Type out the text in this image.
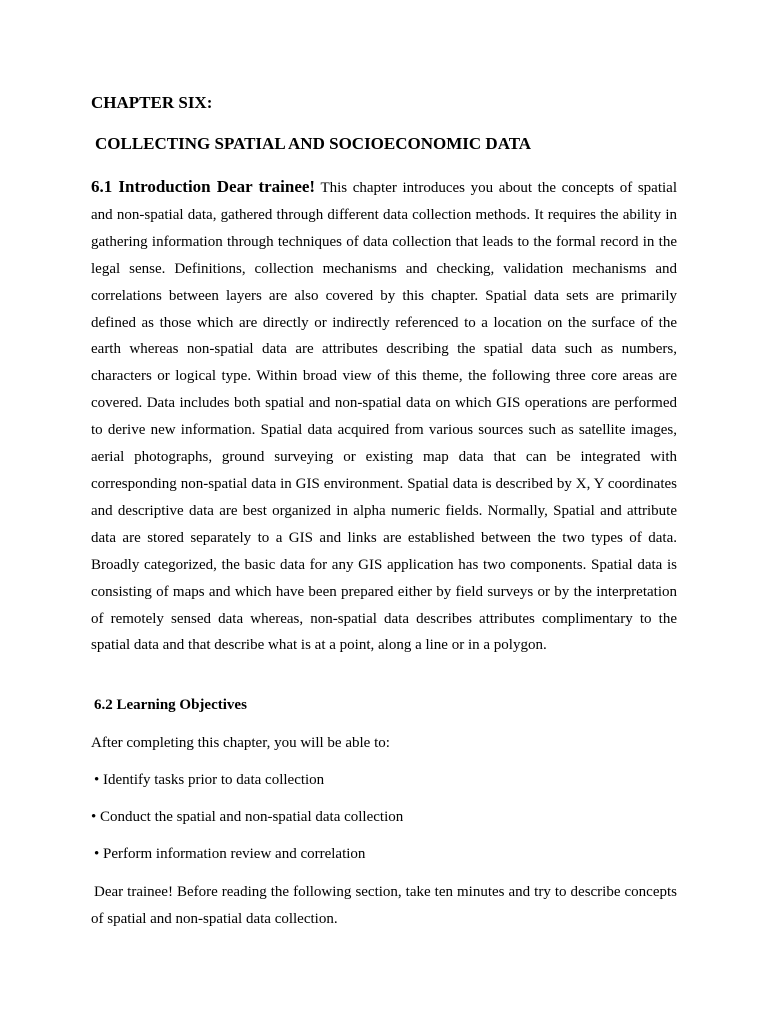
CHAPTER SIX:
COLLECTING SPATIAL AND SOCIOECONOMIC DATA

6.1 Introduction Dear trainee! This chapter introduces you about the concepts of spatial and non-spatial data, gathered through different data collection methods. It requires the ability in gathering information through techniques of data collection that leads to the formal record in the legal sense. Definitions, collection mechanisms and checking, validation mechanisms and correlations between layers are also covered by this chapter. Spatial data sets are primarily defined as those which are directly or indirectly referenced to a location on the surface of the earth whereas non-spatial data are attributes describing the spatial data such as numbers, characters or logical type. Within broad view of this theme, the following three core areas are covered. Data includes both spatial and non-spatial data on which GIS operations are performed to derive new information. Spatial data acquired from various sources such as satellite images, aerial photographs, ground surveying or existing map data that can be integrated with corresponding non-spatial data in GIS environment. Spatial data is described by X, Y coordinates and descriptive data are best organized in alpha numeric fields. Normally, Spatial and attribute data are stored separately to a GIS and links are established between the two types of data. Broadly categorized, the basic data for any GIS application has two components. Spatial data is consisting of maps and which have been prepared either by field surveys or by the interpretation of remotely sensed data whereas, non-spatial data describes attributes complimentary to the spatial data and that describe what is at a point, along a line or in a polygon.

6.2 Learning Objectives

After completing this chapter, you will be able to:

• Identify tasks prior to data collection

• Conduct the spatial and non-spatial data collection

• Perform information review and correlation

Dear trainee! Before reading the following section, take ten minutes and try to describe concepts of spatial and non-spatial data collection.
